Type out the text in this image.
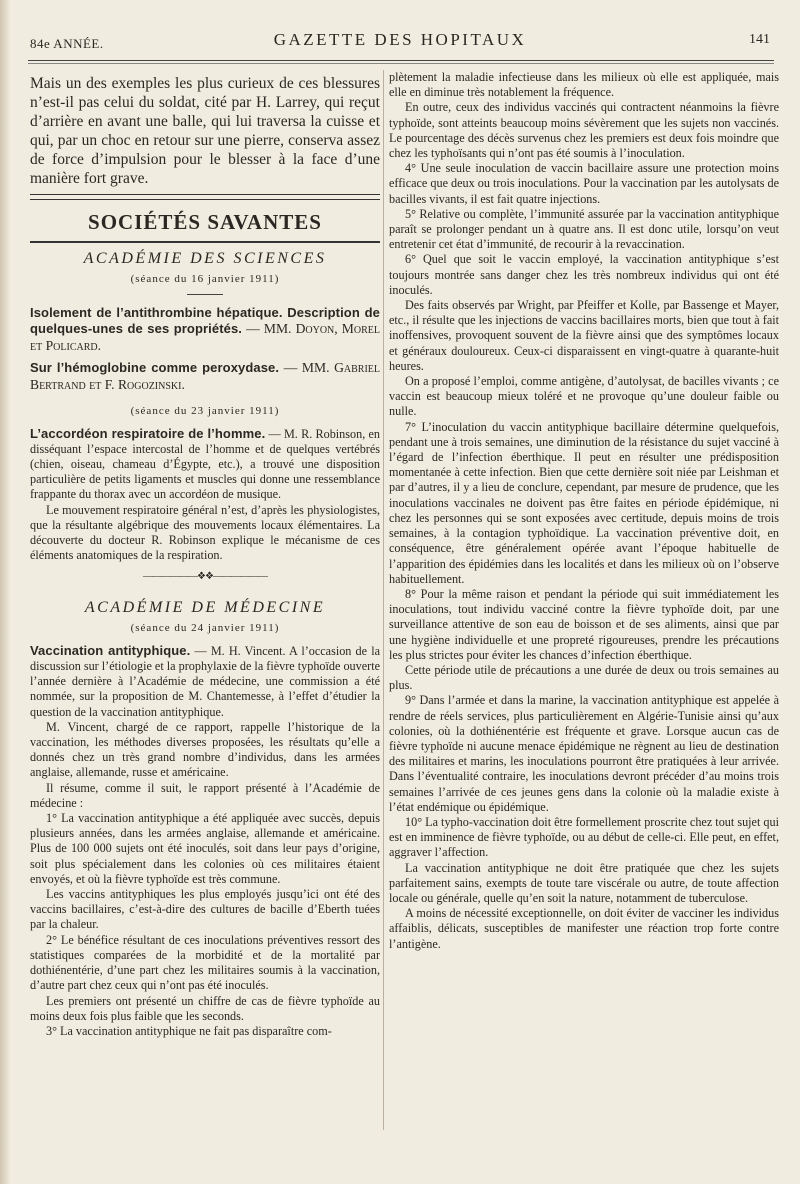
84e ANNÉE.	GAZETTE DES HOPITAUX	141

Mais un des exemples les plus curieux de ces blessures n’est-il pas celui du soldat, cité par H. Larrey, qui reçut d’arrière en avant une balle, qui lui traversa la cuisse et qui, par un choc en retour sur une pierre, conserva assez de force d’impulsion pour le blesser à la face d’une manière fort grave.

SOCIÉTÉS SAVANTES
ACADÉMIE DES SCIENCES
(séance du 16 janvier 1911)

Isolement de l’antithrombine hépatique. Description de quelques-unes de ses propriétés. — MM. Doyon, Morel et Policard.

Sur l’hémoglobine comme peroxydase. — MM. Gabriel Bertrand et F. Rogozinski.

(séance du 23 janvier 1911)

L’accordéon respiratoire de l’homme. — M. R. Robinson, en disséquant l’espace intercostal de l’homme et de quelques vertébrés (chien, oiseau, chameau d’Égypte, etc.), a trouvé une disposition particulière de petits ligaments et muscles qui donne une ressemblance frappante du thorax avec un accordéon de musique.

Le mouvement respiratoire général n’est, d’après les physiologistes, que la résultante algébrique des mouvements locaux élémentaires. La découverte du docteur R. Robinson explique le mécanisme de ces éléments anatomiques de la respiration.

——————❖❖——————
ACADÉMIE DE MÉDECINE
(séance du 24 janvier 1911)

Vaccination antityphique. — M. H. Vincent. A l’occasion de la discussion sur l’étiologie et la prophylaxie de la fièvre typhoïde ouverte l’année dernière à l’Académie de médecine, une commission a été nommée, sur la proposition de M. Chantemesse, à l’effet d’étudier la question de la vaccination antityphique.

M. Vincent, chargé de ce rapport, rappelle l’historique de la vaccination, les méthodes diverses proposées, les résultats qu’elle a donnés chez un très grand nombre d’individus, dans les armées anglaise, allemande, russe et américaine.

Il résume, comme il suit, le rapport présenté à l’Académie de médecine :

1° La vaccination antityphique a été appliquée avec succès, depuis plusieurs années, dans les armées anglaise, allemande et américaine. Plus de 100 000 sujets ont été inoculés, soit dans leur pays d’origine, soit plus spécialement dans les colonies où ces militaires étaient envoyés, et où la fièvre typhoïde est très commune.

Les vaccins antityphiques les plus employés jusqu’ici ont été des vaccins bacillaires, c’est-à-dire des cultures de bacille d’Eberth tuées par la chaleur.

2° Le bénéfice résultant de ces inoculations préventives ressort des statistiques comparées de la morbidité et de la mortalité par dothiénentérie, d’une part chez les militaires soumis à la vaccination, d’autre part chez ceux qui n’ont pas été inoculés.

Les premiers ont présenté un chiffre de cas de fièvre typhoïde au moins deux fois plus faible que les seconds.

3° La vaccination antityphique ne fait pas disparaître com-

plètement la maladie infectieuse dans les milieux où elle est appliquée, mais elle en diminue très notablement la fréquence.

En outre, ceux des individus vaccinés qui contractent néanmoins la fièvre typhoïde, sont atteints beaucoup moins sévèrement que les sujets non vaccinés. Le pourcentage des décès survenus chez les premiers est deux fois moindre que chez les typhoïsants qui n’ont pas été soumis à l’inoculation.

4° Une seule inoculation de vaccin bacillaire assure une protection moins efficace que deux ou trois inoculations. Pour la vaccination par les autolysats de bacilles vivants, il est fait quatre injections.

5° Relative ou complète, l’immunité assurée par la vaccination antityphique paraît se prolonger pendant un à quatre ans. Il est donc utile, lorsqu’on veut entretenir cet état d’immunité, de recourir à la revaccination.

6° Quel que soit le vaccin employé, la vaccination antityphique s’est toujours montrée sans danger chez les très nombreux individus qui ont été inoculés.

Des faits observés par Wright, par Pfeiffer et Kolle, par Bassenge et Mayer, etc., il résulte que les injections de vaccins bacillaires morts, bien que tout à fait inoffensives, provoquent souvent de la fièvre ainsi que des symptômes locaux et généraux douloureux. Ceux-ci disparaissent en vingt-quatre à quarante-huit heures.

On a proposé l’emploi, comme antigène, d’autolysat, de bacilles vivants ; ce vaccin est beaucoup mieux toléré et ne provoque qu’une douleur faible ou nulle.

7° L’inoculation du vaccin antityphique bacillaire détermine quelquefois, pendant une à trois semaines, une diminution de la résistance du sujet vacciné à l’égard de l’infection éberthique. Il peut en résulter une prédisposition momentanée à cette infection. Bien que cette dernière soit niée par Leishman et par d’autres, il y a lieu de conclure, cependant, par mesure de prudence, que les inoculations vaccinales ne doivent pas être faites en période épidémique, ni chez les personnes qui se sont exposées avec certitude, depuis moins de trois semaines, à la contagion typhoïdique. La vaccination préventive doit, en conséquence, être généralement opérée avant l’époque habituelle de l’apparition des épidémies dans les localités et dans les milieux où on l’observe habituellement.

8° Pour la même raison et pendant la période qui suit immédiatement les inoculations, tout individu vacciné contre la fièvre typhoïde doit, par une surveillance attentive de son eau de boisson et de ses aliments, ainsi que par une hygiène individuelle et une propreté rigoureuses, prendre les précautions les plus strictes pour éviter les chances d’infection éberthique.

Cette période utile de précautions a une durée de deux ou trois semaines au plus.

9° Dans l’armée et dans la marine, la vaccination antityphique est appelée à rendre de réels services, plus particulièrement en Algérie-Tunisie ainsi qu’aux colonies, où la dothiénentérie est fréquente et grave. Lorsque aucun cas de fièvre typhoïde ni aucune menace épidémique ne règnent au lieu de destination des militaires et marins, les inoculations pourront être pratiquées à leur arrivée. Dans l’éventualité contraire, les inoculations devront précéder d’au moins trois semaines l’arrivée de ces jeunes gens dans la colonie où la maladie existe à l’état endémique ou épidémique.

10° La typho-vaccination doit être formellement proscrite chez tout sujet qui est en imminence de fièvre typhoïde, ou au début de celle-ci. Elle peut, en effet, aggraver l’affection.

La vaccination antityphique ne doit être pratiquée que chez les sujets parfaitement sains, exempts de toute tare viscérale ou autre, de toute affection locale ou générale, quelle qu’en soit la nature, notamment de tuberculose.

A moins de nécessité exceptionnelle, on doit éviter de vacciner les individus affaiblis, délicats, susceptibles de manifester une réaction trop forte contre l’antigène.
